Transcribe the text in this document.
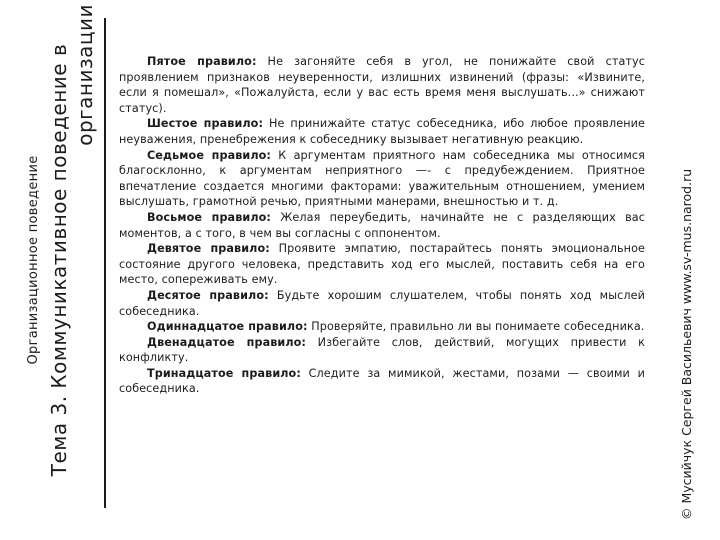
Организационное поведение Тема 3. Коммуникативное поведение в организации	Пятое правило: Не загоняйте себя в угол, не понижайте свой статус проявлением признаков неуверенности, излишних извинений (фразы: «Извините, если я помешал», «Пожалуйста, если у вас есть время меня выслушать...» снижают статус).

Шестое правило: Не принижайте статус собеседника, ибо любое проявление неуважения, пренебрежения к собеседнику вызывает негативную реакцию.

Седьмое правило: К аргументам приятного нам собеседника мы относимся благосклонно, к аргументам неприятного —- с предубеждением. Приятное впечатление создается многими факторами: уважительным отношением, умением выслушать, грамотной речью, приятными манерами, внешностью и т. д.

Восьмое правило: Желая переубедить, начинайте не с разделяющих вас моментов, а с того, в чем вы согласны с оппонентом.

Девятое правило: Проявите эмпатию, постарайтесь понять эмоциональное состояние другого человека, представить ход его мыслей, поставить себя на его место, сопереживать ему.

Десятое правило: Будьте хорошим слушателем, чтобы понять ход мыслей собеседника.

Одиннадцатое правило: Проверяйте, правильно ли вы понимаете собеседника.

Двенадцатое правило: Избегайте слов, действий, могущих привести к конфликту.

Тринадцатое правило: Следите за мимикой, жестами, позами — своими и собеседника.	© Мусийчук Сергей Васильевич www.sv-mus.narod.ru
